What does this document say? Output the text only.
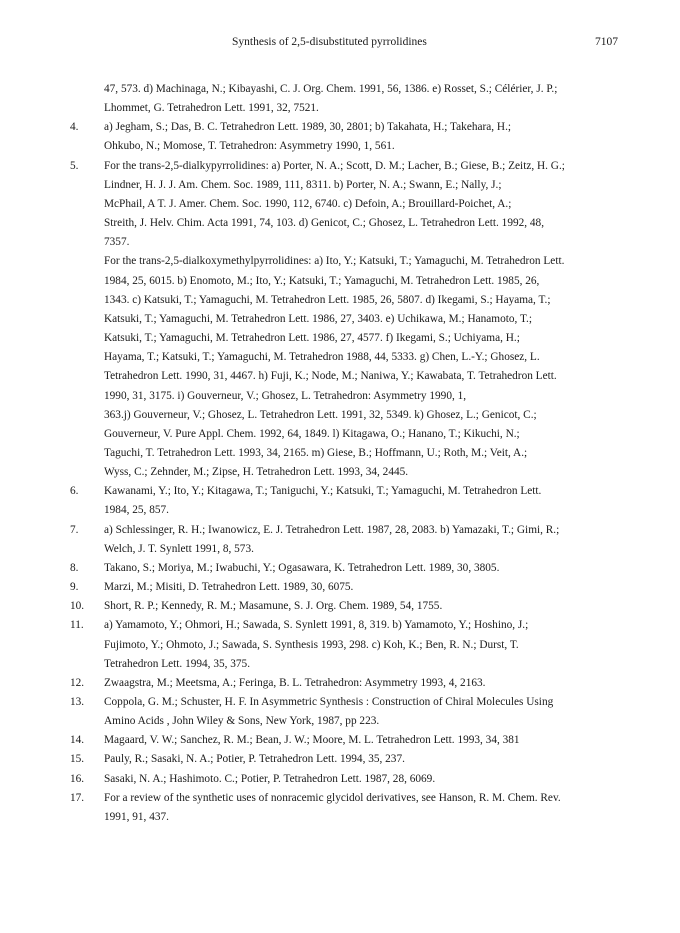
Synthesis of 2,5-disubstituted pyrrolidines	7107
47, 573. d) Machinaga, N.; Kibayashi, C. J. Org. Chem. 1991, 56, 1386. e) Rosset, S.; Célérier, J. P.;
Lhommet, G. Tetrahedron Lett. 1991, 32, 7521.
4.	a) Jegham, S.; Das, B. C. Tetrahedron Lett. 1989, 30, 2801; b) Takahata, H.; Takehara, H.;
Ohkubo, N.; Momose, T. Tetrahedron: Asymmetry 1990, 1, 561.
5.	For the trans-2,5-dialkypyrrolidines: a) Porter, N. A.; Scott, D. M.; Lacher, B.; Giese, B.; Zeitz, H. G.;
Lindner, H. J. J. Am. Chem. Soc. 1989, 111, 8311. b) Porter, N. A.; Swann, E.; Nally, J.;
McPhail, A T. J. Amer. Chem. Soc. 1990, 112, 6740. c) Defoin, A.; Brouillard-Poichet, A.;
Streith, J. Helv. Chim. Acta 1991, 74, 103. d) Genicot, C.; Ghosez, L. Tetrahedron Lett. 1992, 48,
7357.
For the trans-2,5-dialkoxymethylpyrrolidines: a) Ito, Y.; Katsuki, T.; Yamaguchi, M. Tetrahedron Lett.
1984, 25, 6015. b) Enomoto, M.; Ito, Y.; Katsuki, T.; Yamaguchi, M. Tetrahedron Lett. 1985, 26,
1343. c) Katsuki, T.; Yamaguchi, M. Tetrahedron Lett. 1985, 26, 5807. d) Ikegami, S.; Hayama, T.;
Katsuki, T.; Yamaguchi, M. Tetrahedron Lett. 1986, 27, 3403. e) Uchikawa, M.; Hanamoto, T.;
Katsuki, T.; Yamaguchi, M. Tetrahedron Lett. 1986, 27, 4577. f) Ikegami, S.; Uchiyama, H.;
Hayama, T.; Katsuki, T.; Yamaguchi, M. Tetrahedron 1988, 44, 5333. g) Chen, L.-Y.; Ghosez, L.
Tetrahedron Lett. 1990, 31, 4467. h) Fuji, K.; Node, M.; Naniwa, Y.; Kawabata, T. Tetrahedron Lett.
1990, 31, 3175. i) Gouverneur, V.; Ghosez, L. Tetrahedron: Asymmetry 1990, 1,
363.j) Gouverneur, V.; Ghosez, L. Tetrahedron Lett. 1991, 32, 5349. k) Ghosez, L.; Genicot, C.;
Gouverneur, V. Pure Appl. Chem. 1992, 64, 1849. l) Kitagawa, O.; Hanano, T.; Kikuchi, N.;
Taguchi, T. Tetrahedron Lett. 1993, 34, 2165. m) Giese, B.; Hoffmann, U.; Roth, M.; Veit, A.;
Wyss, C.; Zehnder, M.; Zipse, H. Tetrahedron Lett. 1993, 34, 2445.
6.	Kawanami, Y.; Ito, Y.; Kitagawa, T.; Taniguchi, Y.; Katsuki, T.; Yamaguchi, M. Tetrahedron Lett.
1984, 25, 857.
7.	a) Schlessinger, R. H.; Iwanowicz, E. J. Tetrahedron Lett. 1987, 28, 2083. b) Yamazaki, T.; Gimi, R.;
Welch, J. T. Synlett 1991, 8, 573.
8.	Takano, S.; Moriya, M.; Iwabuchi, Y.; Ogasawara, K. Tetrahedron Lett. 1989, 30, 3805.
9.	Marzi, M.; Misiti, D. Tetrahedron Lett. 1989, 30, 6075.
10.	Short, R. P.; Kennedy, R. M.; Masamune, S. J. Org. Chem. 1989, 54, 1755.
11.	a) Yamamoto, Y.; Ohmori, H.; Sawada, S. Synlett 1991, 8, 319. b) Yamamoto, Y.; Hoshino, J.;
Fujimoto, Y.; Ohmoto, J.; Sawada, S. Synthesis 1993, 298. c) Koh, K.; Ben, R. N.; Durst, T.
Tetrahedron Lett. 1994, 35, 375.
12.	Zwaagstra, M.; Meetsma, A.; Feringa, B. L. Tetrahedron: Asymmetry 1993, 4, 2163.
13.	Coppola, G. M.; Schuster, H. F. In Asymmetric Synthesis : Construction of Chiral Molecules Using
Amino Acids , John Wiley & Sons, New York, 1987, pp 223.
14.	Magaard, V. W.; Sanchez, R. M.; Bean, J. W.; Moore, M. L. Tetrahedron Lett. 1993, 34, 381
15.	Pauly, R.; Sasaki, N. A.; Potier, P. Tetrahedron Lett. 1994, 35, 237.
16.	Sasaki, N. A.; Hashimoto. C.; Potier, P. Tetrahedron Lett. 1987, 28, 6069.
17.	For a review of the synthetic uses of nonracemic glycidol derivatives, see Hanson, R. M. Chem. Rev.
1991, 91, 437.
